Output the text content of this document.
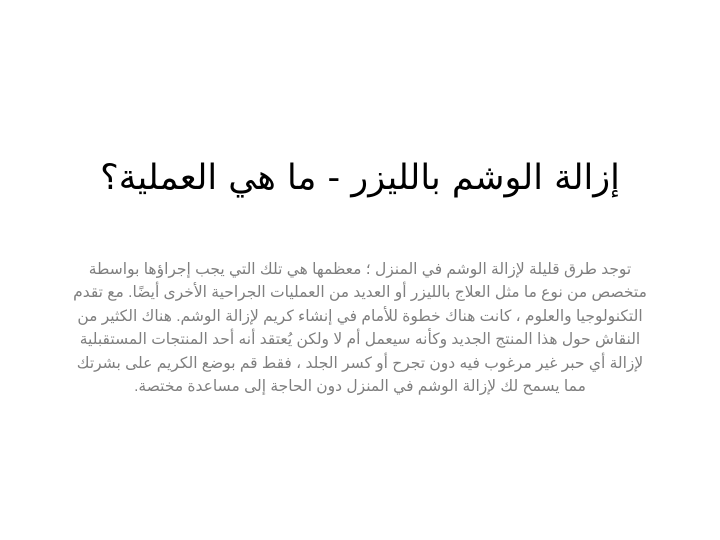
إزالة الوشم بالليزر - ما هي العملية؟
توجد طرق قليلة لإزالة الوشم في المنزل ؛ معظمها هي تلك التي يجب إجراؤها بواسطة متخصص من نوع ما مثل العلاج بالليزر أو العديد من العمليات الجراحية الأخرى أيضًا. مع تقدم التكنولوجيا والعلوم ، كانت هناك خطوة للأمام في إنشاء كريم لإزالة الوشم. هناك الكثير من النقاش حول هذا المنتج الجديد وكأنه سيعمل أم لا ولكن يُعتقد أنه أحد المنتجات المستقبلية لإزالة أي حبر غير مرغوب فيه دون تجرح أو كسر الجلد ، فقط قم بوضع الكريم على بشرتك مما يسمح لك لإزالة الوشم في المنزل دون الحاجة إلى مساعدة مختصة.
